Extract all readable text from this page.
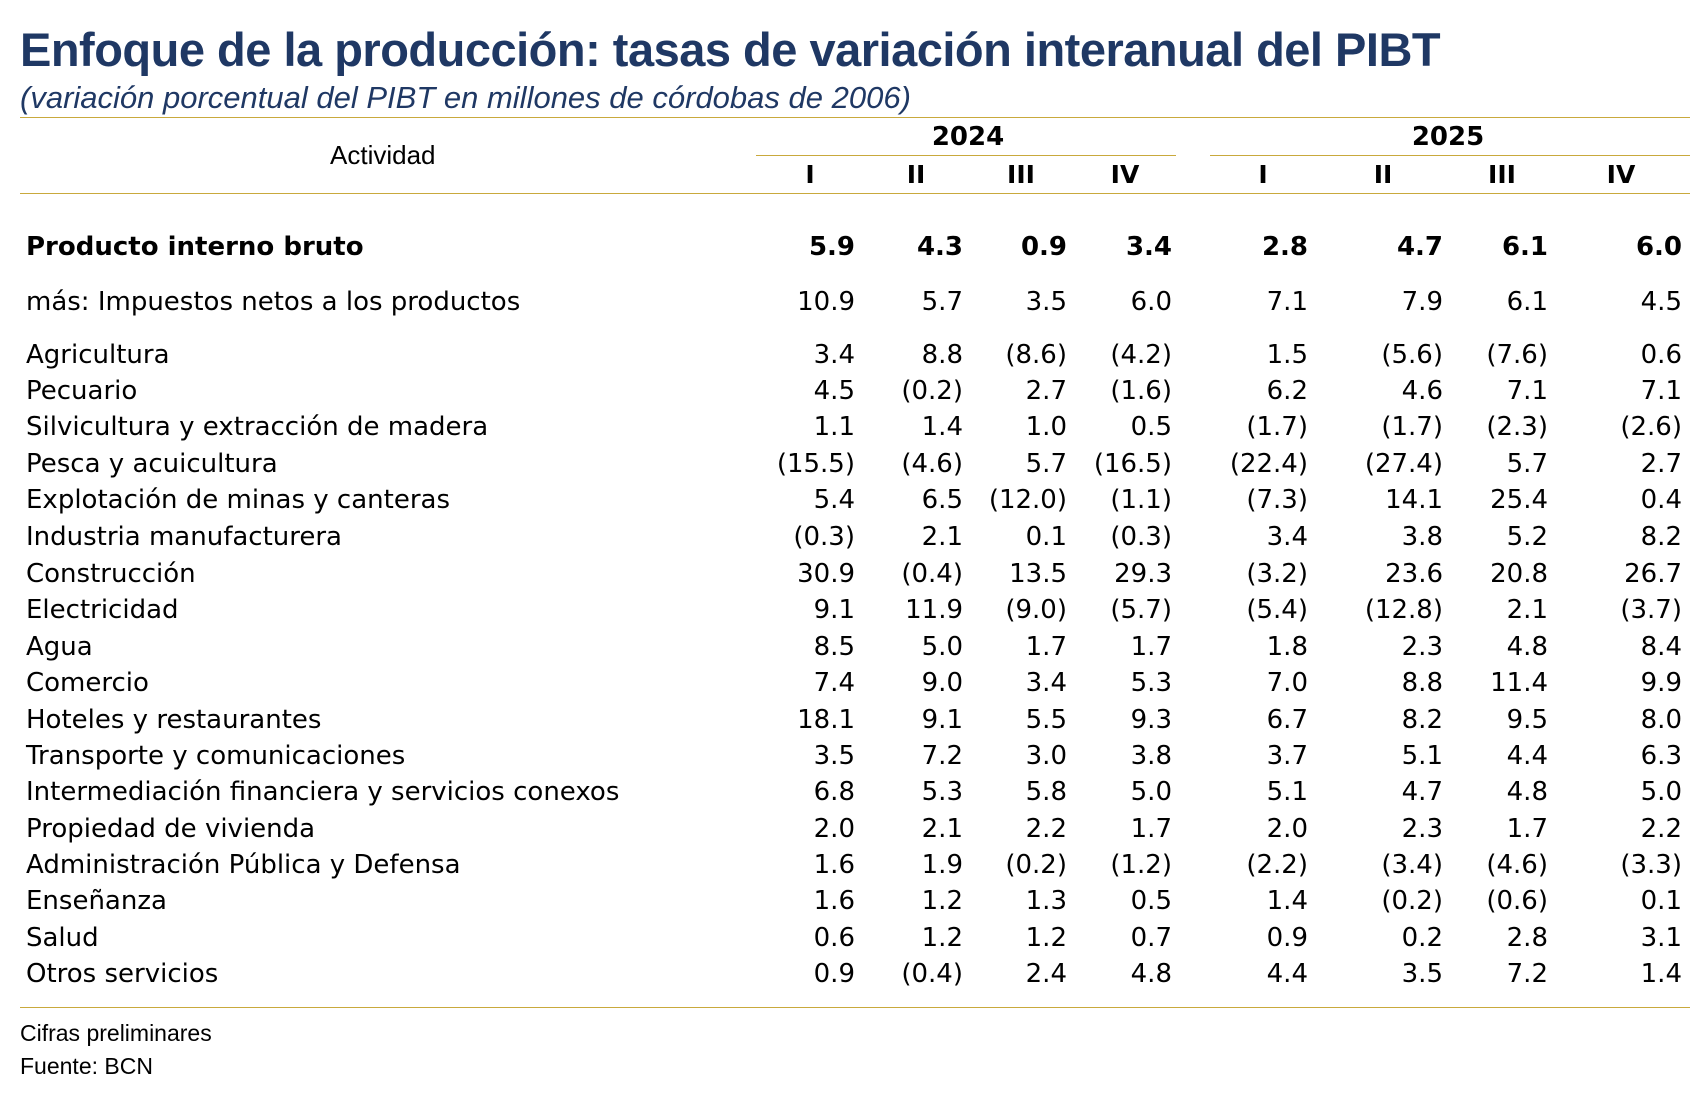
Enfoque de la producción: tasas de variación interanual del PIBT
(variación porcentual del PIBT en millones de córdobas de 2006)
Actividad
2024	2025
I	II	III	IV	I	II	III	IV
Producto interno bruto	5.9	4.3	0.9	3.4	2.8	4.7	6.1	6.0
más: Impuestos netos a los productos	10.9	5.7	3.5	6.0	7.1	7.9	6.1	4.5
Agricultura	3.4	8.8	(8.6)	(4.2)	1.5	(5.6)	(7.6)	0.6
Pecuario	4.5	(0.2)	2.7	(1.6)	6.2	4.6	7.1	7.1
Silvicultura y extracción de madera	1.1	1.4	1.0	0.5	(1.7)	(1.7)	(2.3)	(2.6)
Pesca y acuicultura	(15.5)	(4.6)	5.7	(16.5)	(22.4)	(27.4)	5.7	2.7
Explotación de minas y canteras	5.4	6.5 (12.0)	(1.1)	(7.3)	14.1	25.4	0.4
Industria manufacturera	(0.3)	2.1	0.1	(0.3)	3.4	3.8	5.2	8.2
Construcción	30.9	(0.4)	13.5	29.3	(3.2)	23.6	20.8	26.7
Electricidad	9.1	11.9	(9.0)	(5.7)	(5.4)	(12.8)	2.1	(3.7)
Agua	8.5	5.0	1.7	1.7	1.8	2.3	4.8	8.4
Comercio	7.4	9.0	3.4	5.3	7.0	8.8	11.4	9.9
Hoteles y restaurantes	18.1	9.1	5.5	9.3	6.7	8.2	9.5	8.0
Transporte y comunicaciones	3.5	7.2	3.0	3.8	3.7	5.1	4.4	6.3
Intermediación financiera y servicios conexos	6.8	5.3	5.8	5.0	5.1	4.7	4.8	5.0
Propiedad de vivienda	2.0	2.1	2.2	1.7	2.0	2.3	1.7	2.2
Administración Pública y Defensa	1.6	1.9	(0.2)	(1.2)	(2.2)	(3.4)	(4.6)	(3.3)
Enseñanza	1.6	1.2	1.3	0.5	1.4	(0.2)	(0.6)	0.1
Salud	0.6	1.2	1.2	0.7	0.9	0.2	2.8	3.1
Otros servicios	0.9	(0.4)	2.4	4.8	4.4	3.5	7.2	1.4
Cifras preliminares
Fuente: BCN
